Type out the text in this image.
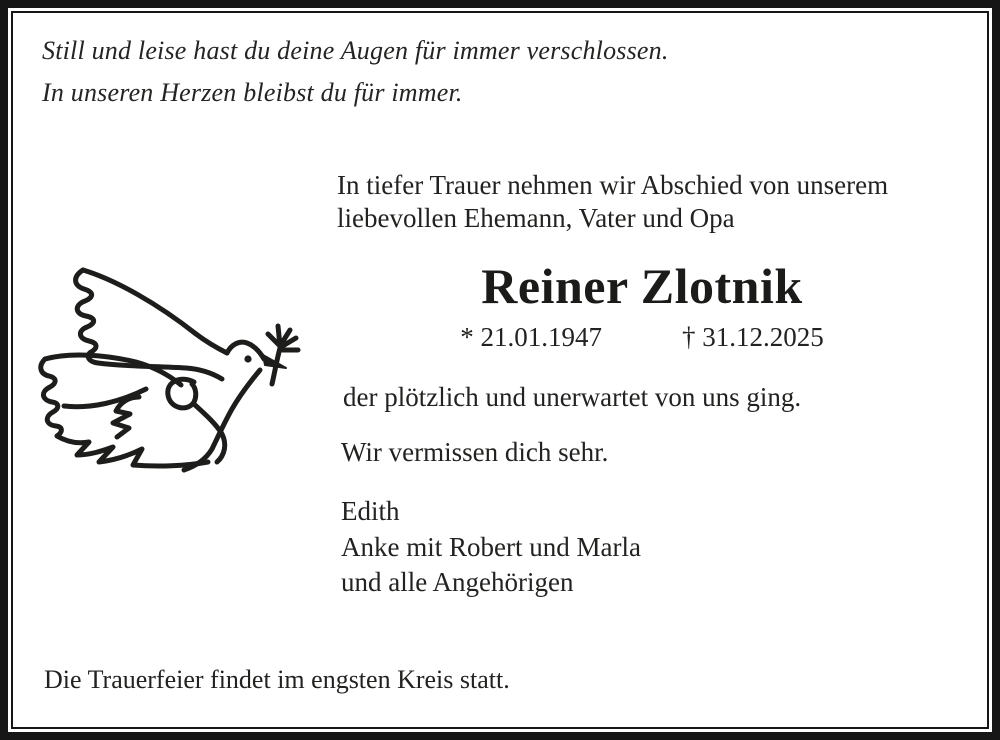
Still und leise hast du deine Augen für immer verschlossen.
In unseren Herzen bleibst du für immer.
In tiefer Trauer nehmen wir Abschied von unserem
liebevollen Ehemann, Vater und Opa
Reiner Zlotnik
* 21.01.1947	† 31.12.2025
der plötzlich und unerwartet von uns ging.
Wir vermissen dich sehr.
Edith
Anke mit Robert und Marla
und alle Angehörigen
Die Trauerfeier findet im engsten Kreis statt.
